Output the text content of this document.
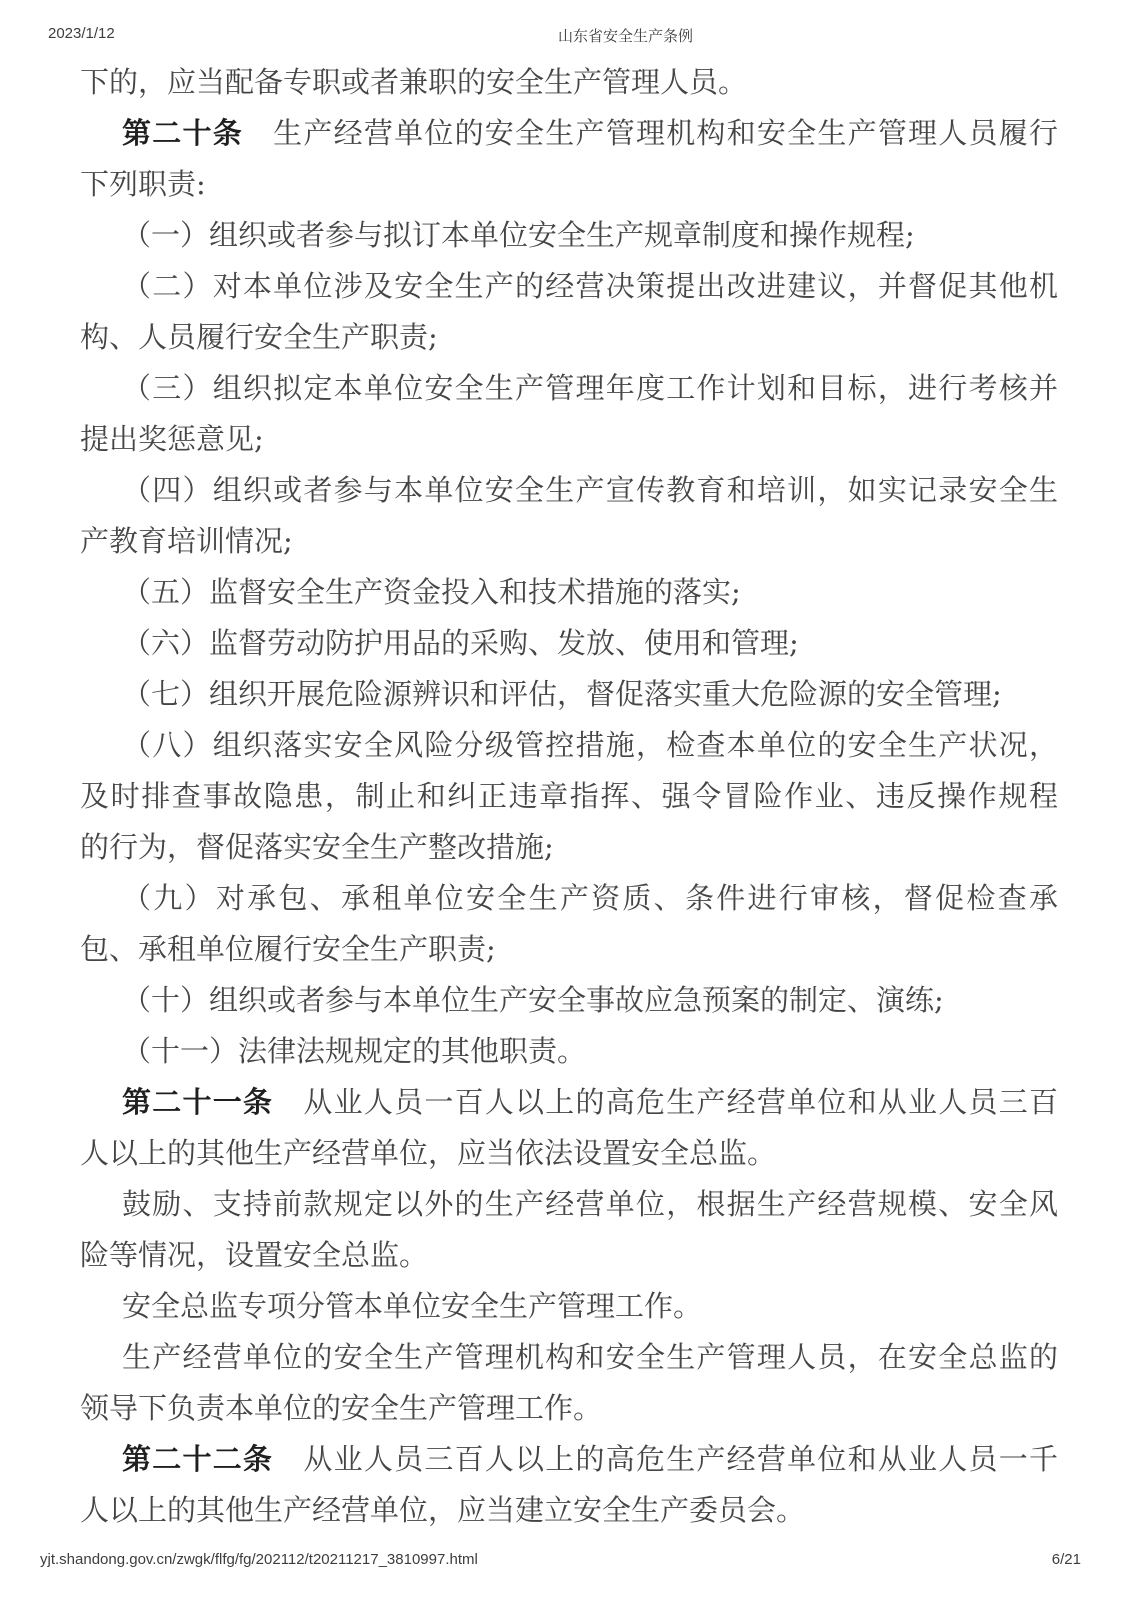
2023/1/12	山东省安全生产条例
下的，应当配备专职或者兼职的安全生产管理人员。
第二十条　生产经营单位的安全生产管理机构和安全生产管理人员履行
下列职责:
（一）组织或者参与拟订本单位安全生产规章制度和操作规程;
（二）对本单位涉及安全生产的经营决策提出改进建议，并督促其他机
构、人员履行安全生产职责;
（三）组织拟定本单位安全生产管理年度工作计划和目标，进行考核并
提出奖惩意见;
（四）组织或者参与本单位安全生产宣传教育和培训，如实记录安全生
产教育培训情况;
（五）监督安全生产资金投入和技术措施的落实;
（六）监督劳动防护用品的采购、发放、使用和管理;
（七）组织开展危险源辨识和评估，督促落实重大危险源的安全管理;
（八）组织落实安全风险分级管控措施，检查本单位的安全生产状况，
及时排查事故隐患，制止和纠正违章指挥、强令冒险作业、违反操作规程
的行为，督促落实安全生产整改措施;
（九）对承包、承租单位安全生产资质、条件进行审核，督促检查承
包、承租单位履行安全生产职责;
（十）组织或者参与本单位生产安全事故应急预案的制定、演练;
（十一）法律法规规定的其他职责。
第二十一条　从业人员一百人以上的高危生产经营单位和从业人员三百
人以上的其他生产经营单位，应当依法设置安全总监。
鼓励、支持前款规定以外的生产经营单位，根据生产经营规模、安全风
险等情况，设置安全总监。
安全总监专项分管本单位安全生产管理工作。
生产经营单位的安全生产管理机构和安全生产管理人员，在安全总监的
领导下负责本单位的安全生产管理工作。
第二十二条　从业人员三百人以上的高危生产经营单位和从业人员一千
人以上的其他生产经营单位，应当建立安全生产委员会。
yjt.shandong.gov.cn/zwgk/flfg/fg/202112/t20211217_3810997.html	6/21
